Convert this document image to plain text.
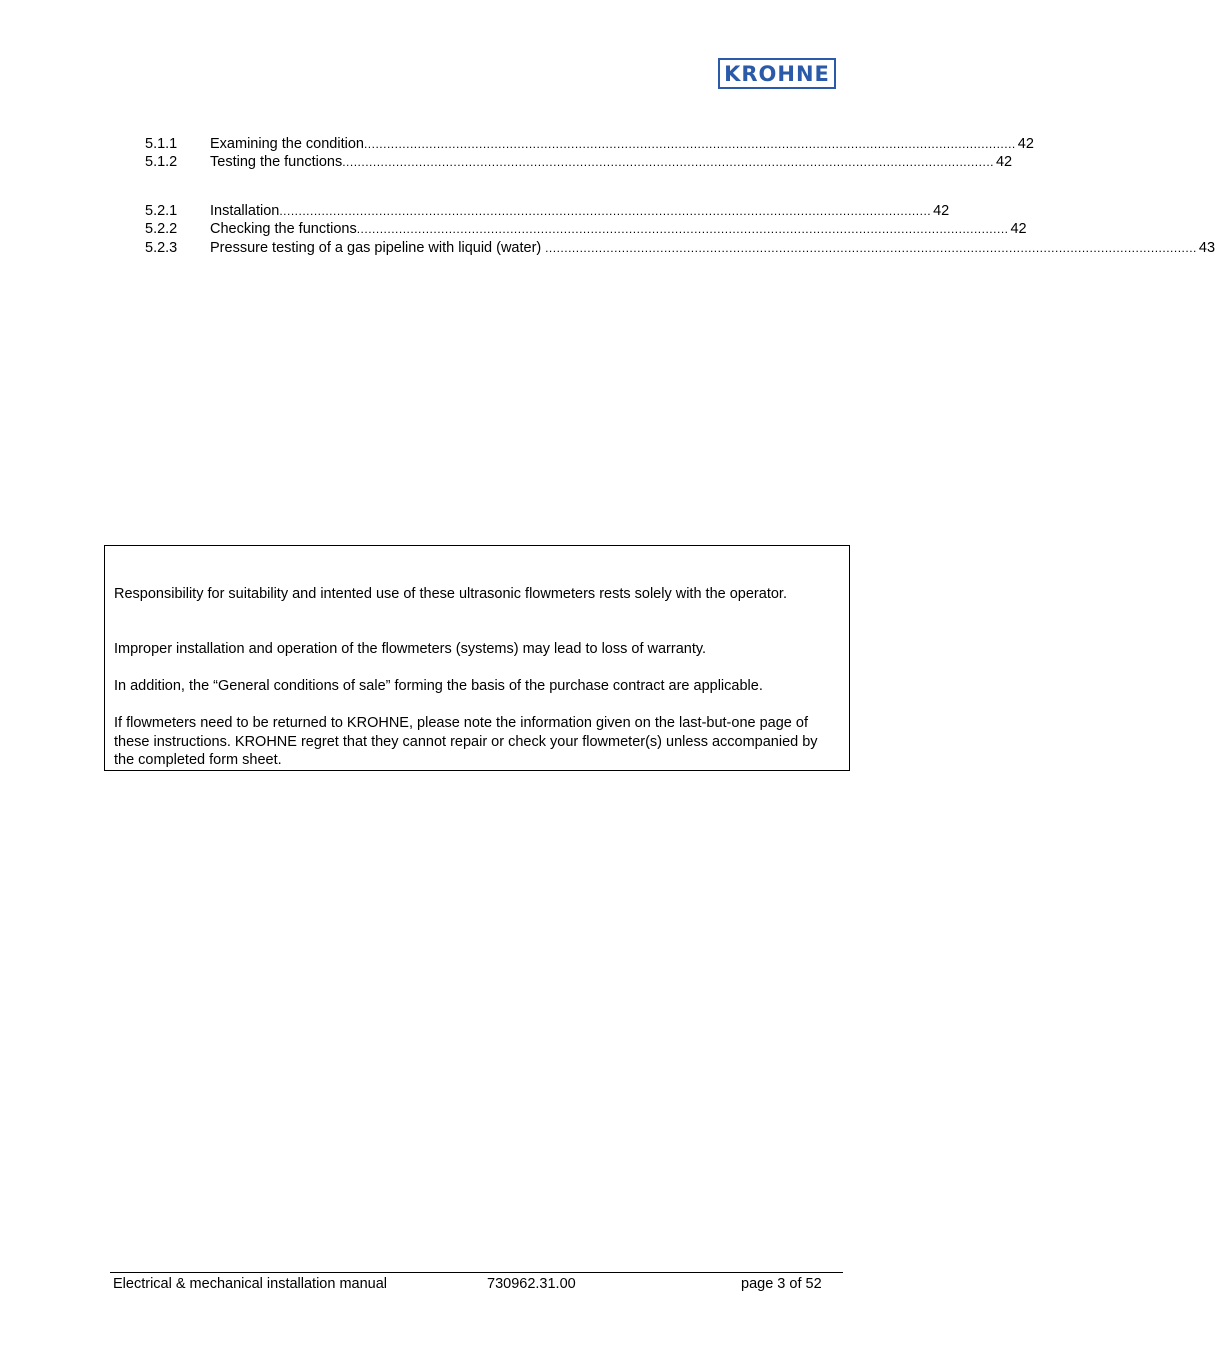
KROHNE
5.1.1	Examining the condition .......................................................................................................................................................................... 42
5.1.2	Testing the functions .......................................................................................................................................................................... 42
5.2.1	Installation .......................................................................................................................................................................... 42
5.2.2	Checking the functions .......................................................................................................................................................................... 42
5.2.3	Pressure testing of a gas pipeline with liquid (water) .......................................................................................................................................................................... 43

Responsibility for suitability and intented use of these ultrasonic flowmeters rests solely with the operator.

Improper installation and operation of the flowmeters (systems) may lead to loss of warranty.

In addition, the “General conditions of sale” forming the basis of the purchase contract are applicable.

If flowmeters need to be returned to KROHNE, please note the information given on the last-but-one page of these instructions. KROHNE regret that they cannot repair or check your flowmeter(s) unless accompanied by the completed form sheet.

Electrical & mechanical installation manual	730962.31.00	page 3 of 52
